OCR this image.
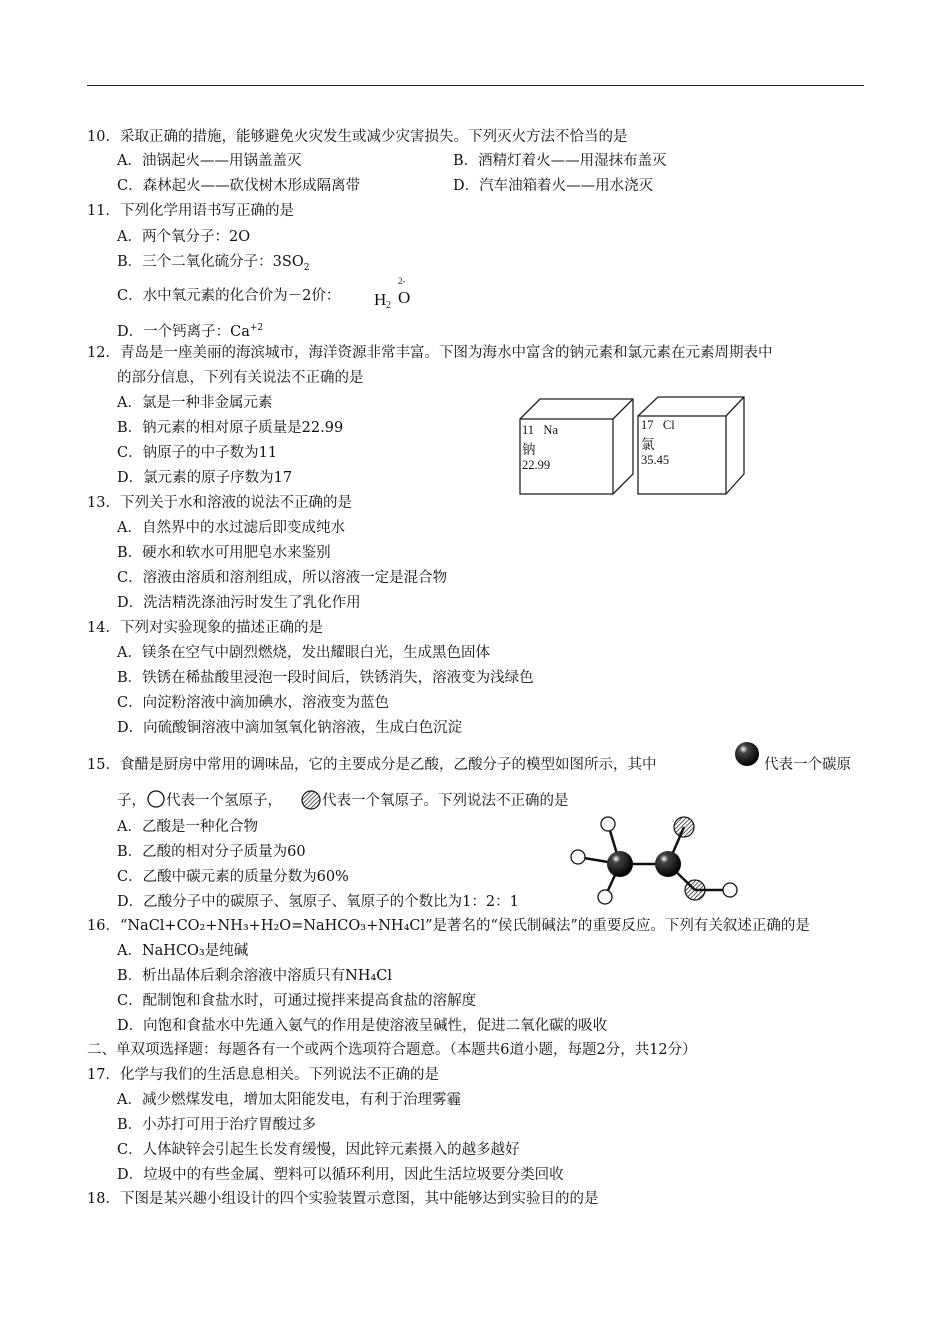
10．采取正确的措施，能够避免火灾发生或减少灾害损失。下列灭火方法不恰当的是
A．油锅起火——用锅盖盖灭	B．酒精灯着火——用湿抹布盖灭
C．森林起火——砍伐树木形成隔离带	D．汽车油箱着火——用水浇灭
11．下列化学用语书写正确的是
A．两个氧分子：2O
B．三个二氧化硫分子：$3SO_2$
C．水中氧元素的化合价为－2价： H 2 O
2-
D．一个钙离子：$Ca^{+2}$
12．青岛是一座美丽的海滨城市，海洋资源非常丰富。下图为海水中富含的钠元素和氯元素在元素周期表中
的部分信息，下列有关说法不正确的是
A．氯是一种非金属元素
B．钠元素的相对原子质量是22.99
C．钠原子的中子数为11
D．氯元素的原子序数为17
11 Na
钠
22.99
17 Cl
氯
35.45
13．下列关于水和溶液的说法不正确的是
A．自然界中的水过滤后即变成纯水
B．硬水和软水可用肥皂水来鉴别
C．溶液由溶质和溶剂组成，所以溶液一定是混合物
D．洗洁精洗涤油污时发生了乳化作用
14．下列对实验现象的描述正确的是
A．镁条在空气中剧烈燃烧，发出耀眼白光，生成黑色固体
B．铁锈在稀盐酸里浸泡一段时间后，铁锈消失，溶液变为浅绿色
C．向淀粉溶液中滴加碘水，溶液变为蓝色
D．向硫酸铜溶液中滴加氢氧化钠溶液，生成白色沉淀
15．食醋是厨房中常用的调味品，它的主要成分是乙酸，乙酸分子的模型如图所示，其中	代表一个碳原
子， 代表一个氢原子，	代表一个氧原子。下列说法不正确的是
A．乙酸是一种化合物
B．乙酸的相对分子质量为60
C．乙酸中碳元素的质量分数为60%
D．乙酸分子中的碳原子、氢原子、氧原子的个数比为1：2：1
16．“NaCl+CO₂+NH₃+H₂O=NaHCO₃+NH₄Cl”是著名的“侯氏制碱法”的重要反应。下列有关叙述正确的是
A．NaHCO₃是纯碱
B．析出晶体后剩余溶液中溶质只有NH₄Cl
C．配制饱和食盐水时，可通过搅拌来提高食盐的溶解度
D．向饱和食盐水中先通入氨气的作用是使溶液呈碱性，促进二氧化碳的吸收
二、单双项选择题：每题各有一个或两个选项符合题意。（本题共6道小题，每题2分，共12分）
17．化学与我们的生活息息相关。下列说法不正确的是
A．减少燃煤发电，增加太阳能发电，有利于治理雾霾
B．小苏打可用于治疗胃酸过多
C．人体缺锌会引起生长发育缓慢，因此锌元素摄入的越多越好
D．垃圾中的有些金属、塑料可以循环利用，因此生活垃圾要分类回收
18．下图是某兴趣小组设计的四个实验装置示意图，其中能够达到实验目的的是
